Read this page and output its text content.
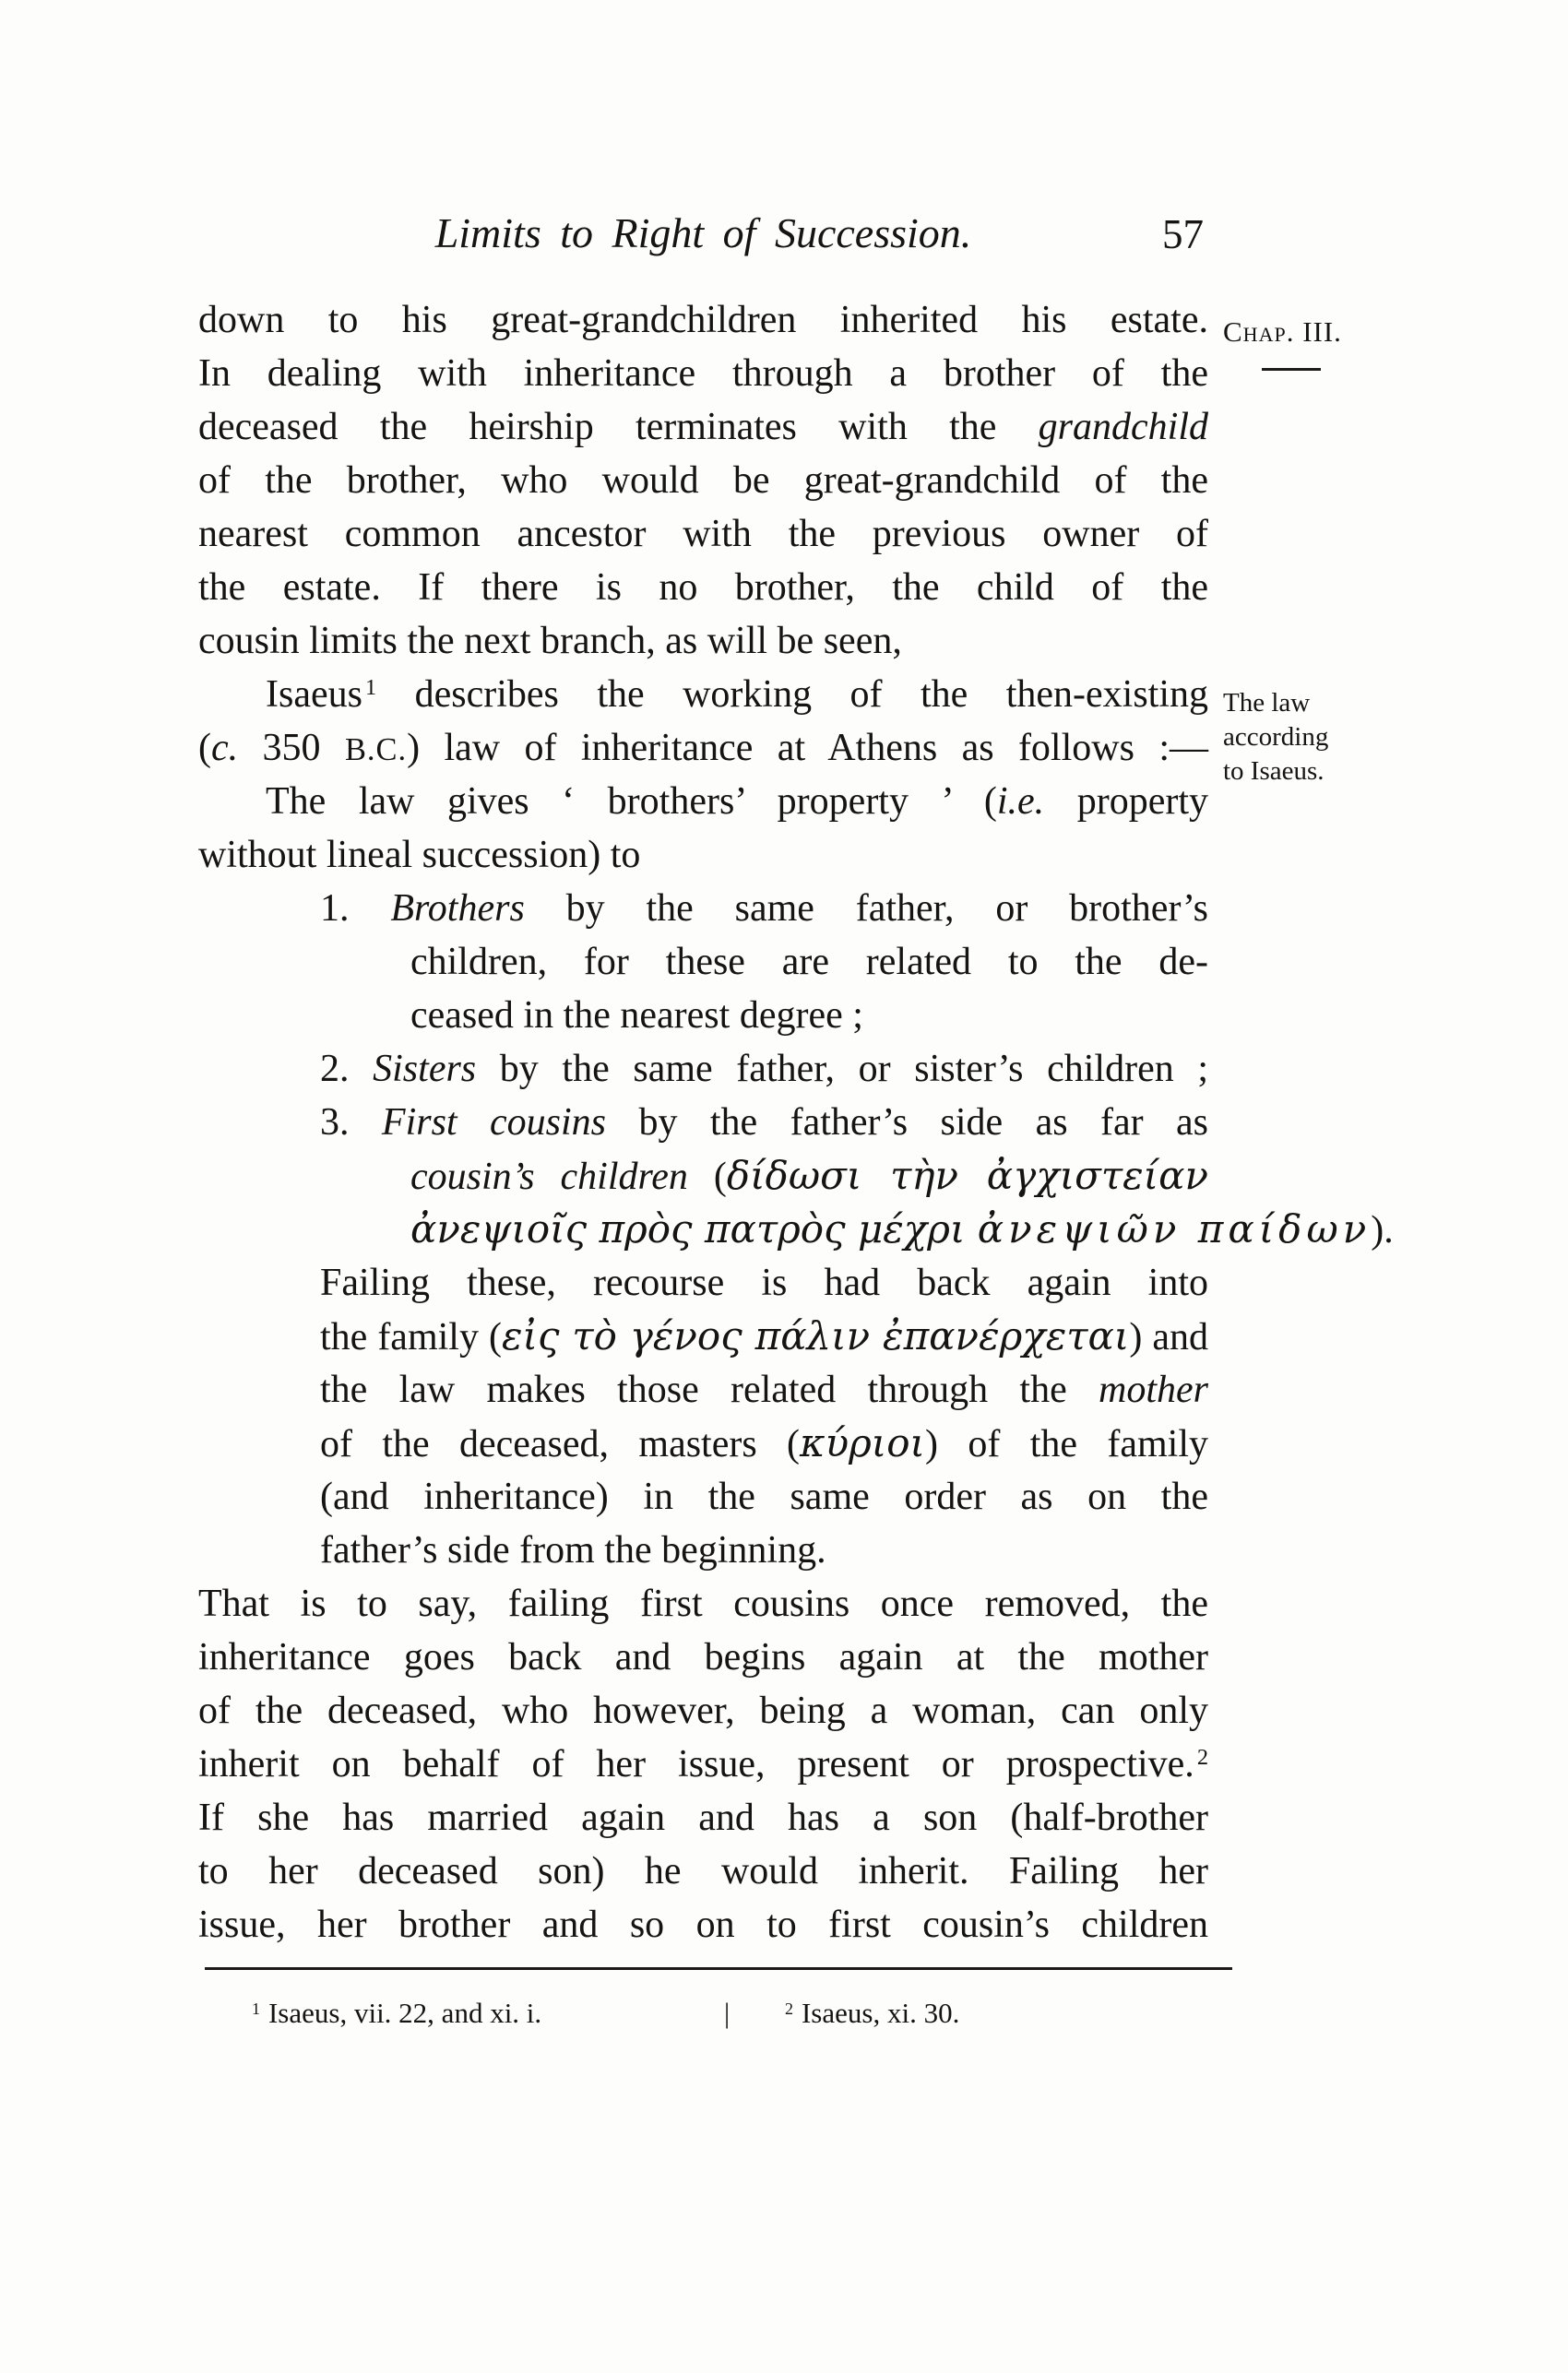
Limits to Right of Succession.	57
Chap. III.
The law
according
to Isaeus.
down to his great-grandchildren inherited his estate.
In dealing with inheritance through a brother of the
deceased the heirship terminates with the grandchild
of the brother, who would be great-grandchild of the
nearest common ancestor with the previous owner of
the estate. If there is no brother, the child of the
cousin limits the next branch, as will be seen,
Isaeus $^1$ describes the working of the then-existing
(c. 350 B.C.) law of inheritance at Athens as follows :—
The law gives ‘ brothers’ property ’ (i.e. property
without lineal succession) to
1. Brothers by the same father, or brother’s
children, for these are related to the de-
ceased in the nearest degree ;
2. Sisters by the same father, or sister’s children ;
3. First cousins by the father’s side as far as
cousin’s children (δίδωσι τὴν ἀγχιστείαν
ἀνεψιοῖς πρὸς πατρὸς μέχρι ἀνεψιῶν παίδων).
Failing these, recourse is had back again into
the family (εἰς τὸ γένος πάλιν ἐπανέρχεται) and
the law makes those related through the mother
of the deceased, masters (κύριοι) of the family
(and inheritance) in the same order as on the
father’s side from the beginning.
That is to say, failing first cousins once removed, the
inheritance goes back and begins again at the mother
of the deceased, who however, being a woman, can only
inherit on behalf of her issue, present or prospective. $^2$
If she has married again and has a son (half-brother
to her deceased son) he would inherit. Failing her
issue, her brother and so on to first cousin’s children
$^1$ Isaeus, vii. 22, and xi. i.	|	$^2$ Isaeus, xi. 30.
